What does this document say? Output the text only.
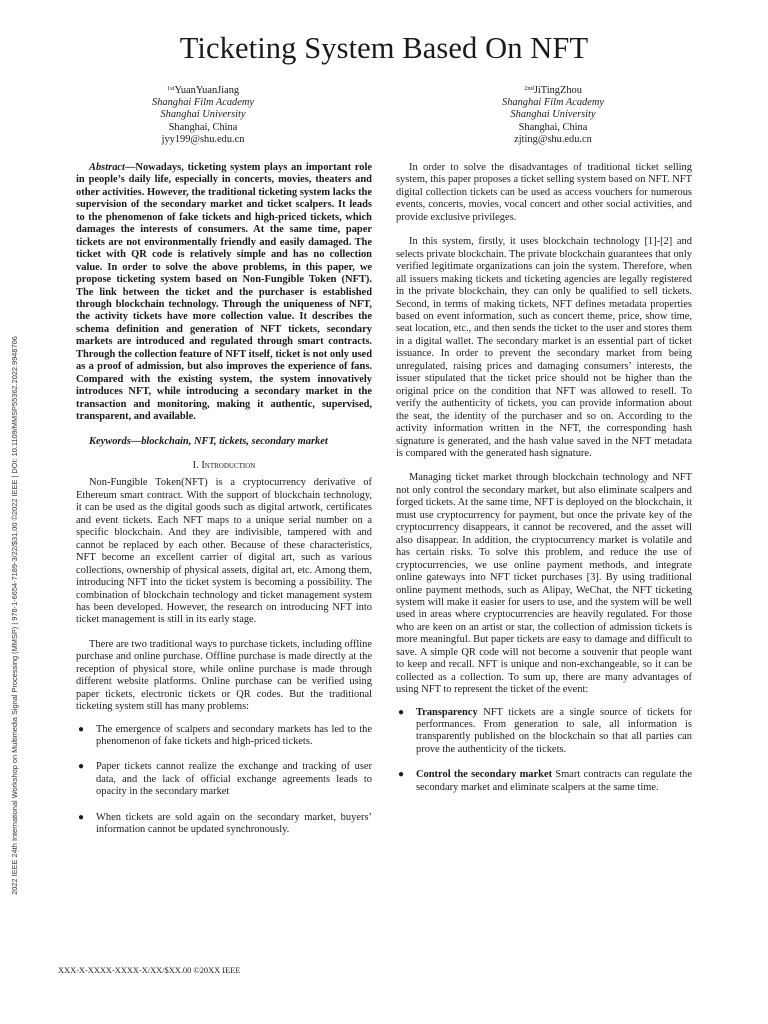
2022 IEEE 24th International Workshop on Multimedia Signal Processing (MMSP) | 978-1-6654-7189-3/22/$31.00 ©2022 IEEE | DOI: 10.1109/MMSP55362.2022.9948706
Ticketing System Based On NFT
$^{1st}$YuanYuanJiang
Shanghai Film Academy
Shanghai University
Shanghai, China
jyy199@shu.edu.cn
$^{2nd}$JiTingZhou
Shanghai Film Academy
Shanghai University
Shanghai, China
zjting@shu.edu.cn

Abstract—Nowadays, ticketing system plays an important role in people’s daily life, especially in concerts, movies, theaters and other activities. However, the traditional ticketing system lacks the supervision of the secondary market and ticket scalpers. It leads to the phenomenon of fake tickets and high-priced tickets, which damages the interests of consumers. At the same time, paper tickets are not environmentally friendly and easily damaged. The ticket with QR code is relatively simple and has no collection value. In order to solve the above problems, in this paper, we propose ticketing system based on Non-Fungible Token (NFT). The link between the ticket and the purchaser is established through blockchain technology. Through the uniqueness of NFT, the activity tickets have more collection value. It describes the schema definition and generation of NFT tickets, secondary markets are introduced and regulated through smart contracts. Through the collection feature of NFT itself, ticket is not only used as a proof of admission, but also improves the experience of fans. Compared with the existing system, the system innovatively introduces NFT, while introducing a secondary market in the transaction and monitoring, making it authentic, supervised, transparent, and available.

Keywords—blockchain, NFT, tickets, secondary market

I. Introduction

Non-Fungible Token(NFT) is a cryptocurrency derivative of Ethereum smart contract. With the support of blockchain technology, it can be used as the digital goods such as digital artwork, certificates and event tickets. Each NFT maps to a unique serial number on a specific blockchain. And they are indivisible, tampered with and cannot be replaced by each other. Because of these characteristics, NFT become an excellent carrier of digital art, such as various collections, ownership of physical assets, digital art, etc. Among them, introducing NFT into the ticket system is becoming a possibility. The combination of blockchain technology and ticket management system has been developed. However, the research on introducing NFT into ticket management is still in its early stage.

There are two traditional ways to purchase tickets, including offline purchase and online purchase. Offline purchase is made directly at the reception of physical store, while online purchase is made through different website platforms. Online purchase can be verified using paper tickets, electronic tickets or QR codes. But the traditional ticketing system still has many problems:

● The emergence of scalpers and secondary markets has led to the phenomenon of fake tickets and high-priced tickets.
● Paper tickets cannot realize the exchange and tracking of user data, and the lack of official exchange agreements leads to opacity in the secondary market
● When tickets are sold again on the secondary market, buyers’ information cannot be updated synchronously.

In order to solve the disadvantages of traditional ticket selling system, this paper proposes a ticket selling system based on NFT. NFT digital collection tickets can be used as access vouchers for numerous events, concerts, movies, vocal concert and other social activities, and provide exclusive privileges.

In this system, firstly, it uses blockchain technology [1]-[2] and selects private blockchain. The private blockchain guarantees that only verified legitimate organizations can join the system. Therefore, when all issuers making tickets and ticketing agencies are legally registered in the private blockchain, they can only be qualified to sell tickets. Second, in terms of making tickets, NFT defines metadata properties based on event information, such as concert theme, price, show time, seat location, etc., and then sends the ticket to the user and stores them in a digital wallet. The secondary market is an essential part of ticket issuance. In order to prevent the secondary market from being unregulated, raising prices and damaging consumers’ interests, the issuer stipulated that the ticket price should not be higher than the original price on the condition that NFT was allowed to resell. To verify the authenticity of tickets, you can provide information about the seat, the identity of the purchaser and so on. According to the activity information written in the NFT, the corresponding hash signature is generated, and the hash value saved in the NFT metadata is compared with the generated hash signature.

Managing ticket market through blockchain technology and NFT not only control the secondary market, but also eliminate scalpers and forged tickets. At the same time, NFT is deployed on the blockchain, it must use cryptocurrency for payment, but once the private key of the cryptocurrency disappears, it cannot be recovered, and the asset will also disappear. In addition, the cryptocurrency market is volatile and has certain risks. To solve this problem, and reduce the use of cryptocurrencies, we use online payment methods, and integrate online gateways into NFT ticket purchases [3]. By using traditional online payment methods, such as Alipay, WeChat, the NFT ticketing system will make it easier for users to use, and the system will be well used in areas where cryptocurrencies are heavily regulated. For those who are keen on an artist or star, the collection of admission tickets is more meaningful. But paper tickets are easy to damage and difficult to save. A simple QR code will not become a souvenir that people want to keep and recall. NFT is unique and non-exchangeable, so it can be collected as a collection. To sum up, there are many advantages of using NFT to represent the ticket of the event:

● Transparency NFT tickets are a single source of tickets for performances. From generation to sale, all information is transparently published on the blockchain so that all parties can prove the authenticity of the tickets.
● Control the secondary market Smart contracts can regulate the secondary market and eliminate scalpers at the same time.
XXX-X-XXXX-XXXX-X/XX/$XX.00 ©20XX IEEE
